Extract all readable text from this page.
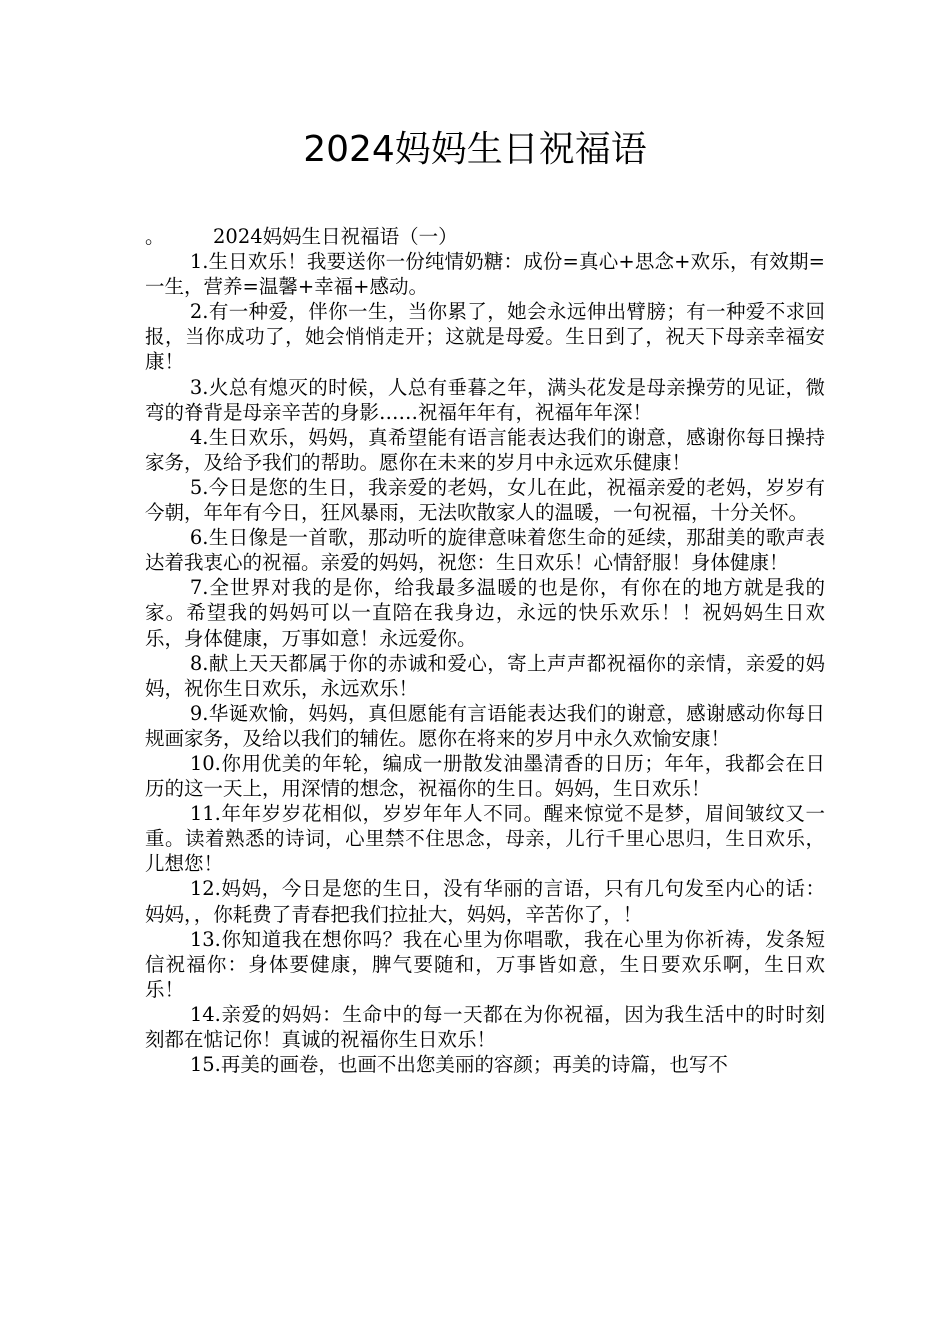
2024妈妈生日祝福语

。 2024妈妈生日祝福语（一）

1.生日欢乐！我要送你一份纯情奶糖：成份=真心+思念+欢乐，有效期=一生，营养=温馨+幸福+感动。

2.有一种爱，伴你一生，当你累了，她会永远伸出臂膀；有一种爱不求回报，当你成功了，她会悄悄走开；这就是母爱。生日到了，祝天下母亲幸福安康！

3.火总有熄灭的时候，人总有垂暮之年，满头花发是母亲操劳的见证，微弯的脊背是母亲辛苦的身影……祝福年年有，祝福年年深！

4.生日欢乐，妈妈，真希望能有语言能表达我们的谢意，感谢你每日操持家务，及给予我们的帮助。愿你在未来的岁月中永远欢乐健康！

5.今日是您的生日，我亲爱的老妈，女儿在此，祝福亲爱的老妈，岁岁有今朝，年年有今日，狂风暴雨，无法吹散家人的温暖，一句祝福，十分关怀。

6.生日像是一首歌，那动听的旋律意味着您生命的延续，那甜美的歌声表达着我衷心的祝福。亲爱的妈妈，祝您：生日欢乐！心情舒服！身体健康！

7.全世界对我的是你，给我最多温暖的也是你，有你在的地方就是我的家。希望我的妈妈可以一直陪在我身边，永远的快乐欢乐！！祝妈妈生日欢乐，身体健康，万事如意！永远爱你。

8.献上天天都属于你的赤诚和爱心，寄上声声都祝福你的亲情，亲爱的妈妈，祝你生日欢乐，永远欢乐！

9.华诞欢愉，妈妈，真但愿能有言语能表达我们的谢意，感谢感动你每日规画家务，及给以我们的辅佐。愿你在将来的岁月中永久欢愉安康！

10.你用优美的年轮，编成一册散发油墨清香的日历；年年，我都会在日历的这一天上，用深情的想念，祝福你的生日。妈妈，生日欢乐！

11.年年岁岁花相似，岁岁年年人不同。醒来惊觉不是梦，眉间皱纹又一重。读着熟悉的诗词，心里禁不住思念，母亲，儿行千里心思归，生日欢乐，儿想您！

12.妈妈，今日是您的生日，没有华丽的言语，只有几句发至内心的话：妈妈，，你耗费了青春把我们拉扯大，妈妈，辛苦你了，！

13.你知道我在想你吗？我在心里为你唱歌，我在心里为你祈祷，发条短信祝福你：身体要健康，脾气要随和，万事皆如意，生日要欢乐啊，生日欢乐！

14.亲爱的妈妈：生命中的每一天都在为你祝福，因为我生活中的时时刻刻都在惦记你！真诚的祝福你生日欢乐！

15.再美的画卷，也画不出您美丽的容颜；再美的诗篇，也写不
